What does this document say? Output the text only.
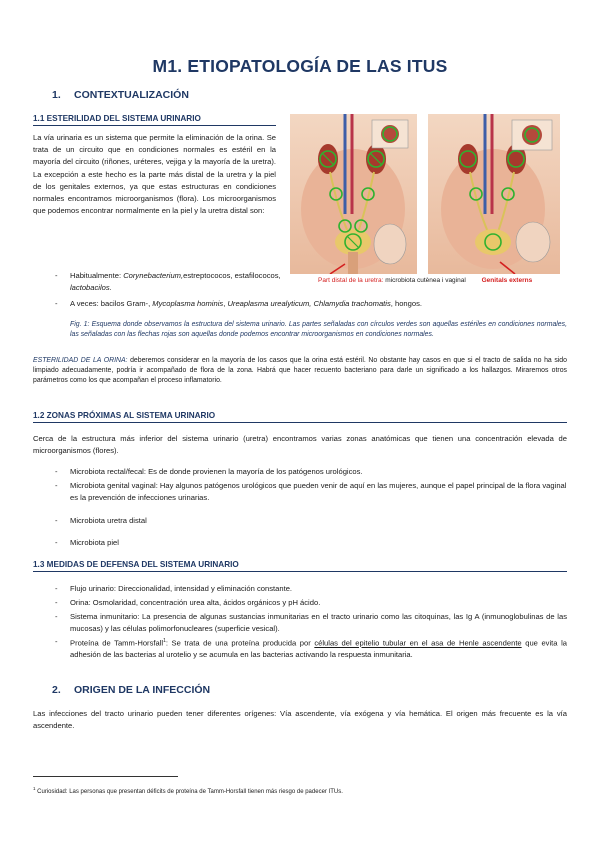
M1. ETIOPATOLOGÍA DE LAS ITUS
1. CONTEXTUALIZACIÓN
1.1 ESTERILIDAD DEL SISTEMA URINARIO
La vía urinaria es un sistema que permite la eliminación de la orina. Se trata de un circuito que en condiciones normales es estéril en la mayoría del circuito (riñones, uréteres, vejiga y la mayoría de la uretra). La excepción a este hecho es la parte más distal de la uretra y la piel de los genitales externos, ya que estas estructuras en condiciones normales encontramos microorganismos (flora). Los microorganismos que podemos encontrar normalmente en la piel y la uretra distal son:
Part distal de la uretra: microbiota cutènea i vaginal Genitals externs
- Habitualmente: Corynebacterium,estreptococos, estafilococos, lactobacilos.
- A veces: bacilos Gram-, Mycoplasma hominis, Ureaplasma urealyticum, Chlamydia trachomatis, hongos.
Fig. 1: Esquema donde observamos la estructura del sistema urinario. Las partes señaladas con círculos verdes son aquellas estériles en condiciones normales, las señaladas con las flechas rojas son aquellas donde podemos encontrar microorganismos en condiciones normales.
ESTERILIDAD DE LA ORINA: deberemos considerar en la mayoría de los casos que la orina está estéril. No obstante hay casos en que si el tracto de salida no ha sido limpiado adecuadamente, podría ir acompañado de flora de la zona. Habrá que hacer recuento bacteriano para darle un significado a los hallazgos. Miraremos otros parámetros como los que acompañan el proceso inflamatorio.
1.2 ZONAS PRÓXIMAS AL SISTEMA URINARIO
Cerca de la estructura más inferior del sistema urinario (uretra) encontramos varias zonas anatómicas que tienen una concentración elevada de microorganismos (flores).
- Microbiota rectal/fecal: Es de donde provienen la mayoría de los patógenos urológicos.
- Microbiota genital vaginal: Hay algunos patógenos urológicos que pueden venir de aquí en las mujeres, aunque el papel principal de la flora vaginal es la prevención de infecciones urinarias.
- Microbiota uretra distal
- Microbiota piel
1.3 MEDIDAS DE DEFENSA DEL SISTEMA URINARIO
- Flujo urinario: Direccionalidad, intensidad y eliminación constante.
- Orina: Osmolaridad, concentración urea alta, ácidos orgánicos y pH ácido.
- Sistema inmunitario: La presencia de algunas sustancias inmunitarias en el tracto urinario como las citoquinas, las Ig A (inmunoglobulinas de las mucosas) y las células polimorfonucleares (superficie vesical).
- Proteína de Tamm-Horsfall$^1$: Se trata de una proteína producida por células del epitelio tubular en el asa de Henle ascendente que evita la adhesión de las bacterias al urotelio y se acumula en las bacterias activando la respuesta inmunitaria.
2. ORIGEN DE LA INFECCIÓN
Las infecciones del tracto urinario pueden tener diferentes orígenes: Vía ascendente, vía exógena y vía hemática. El origen más frecuente es la vía ascendente.
$^1$ Curiosidad: Las personas que presentan déficits de proteína de Tamm-Horsfall tienen más riesgo de padecer ITUs.
